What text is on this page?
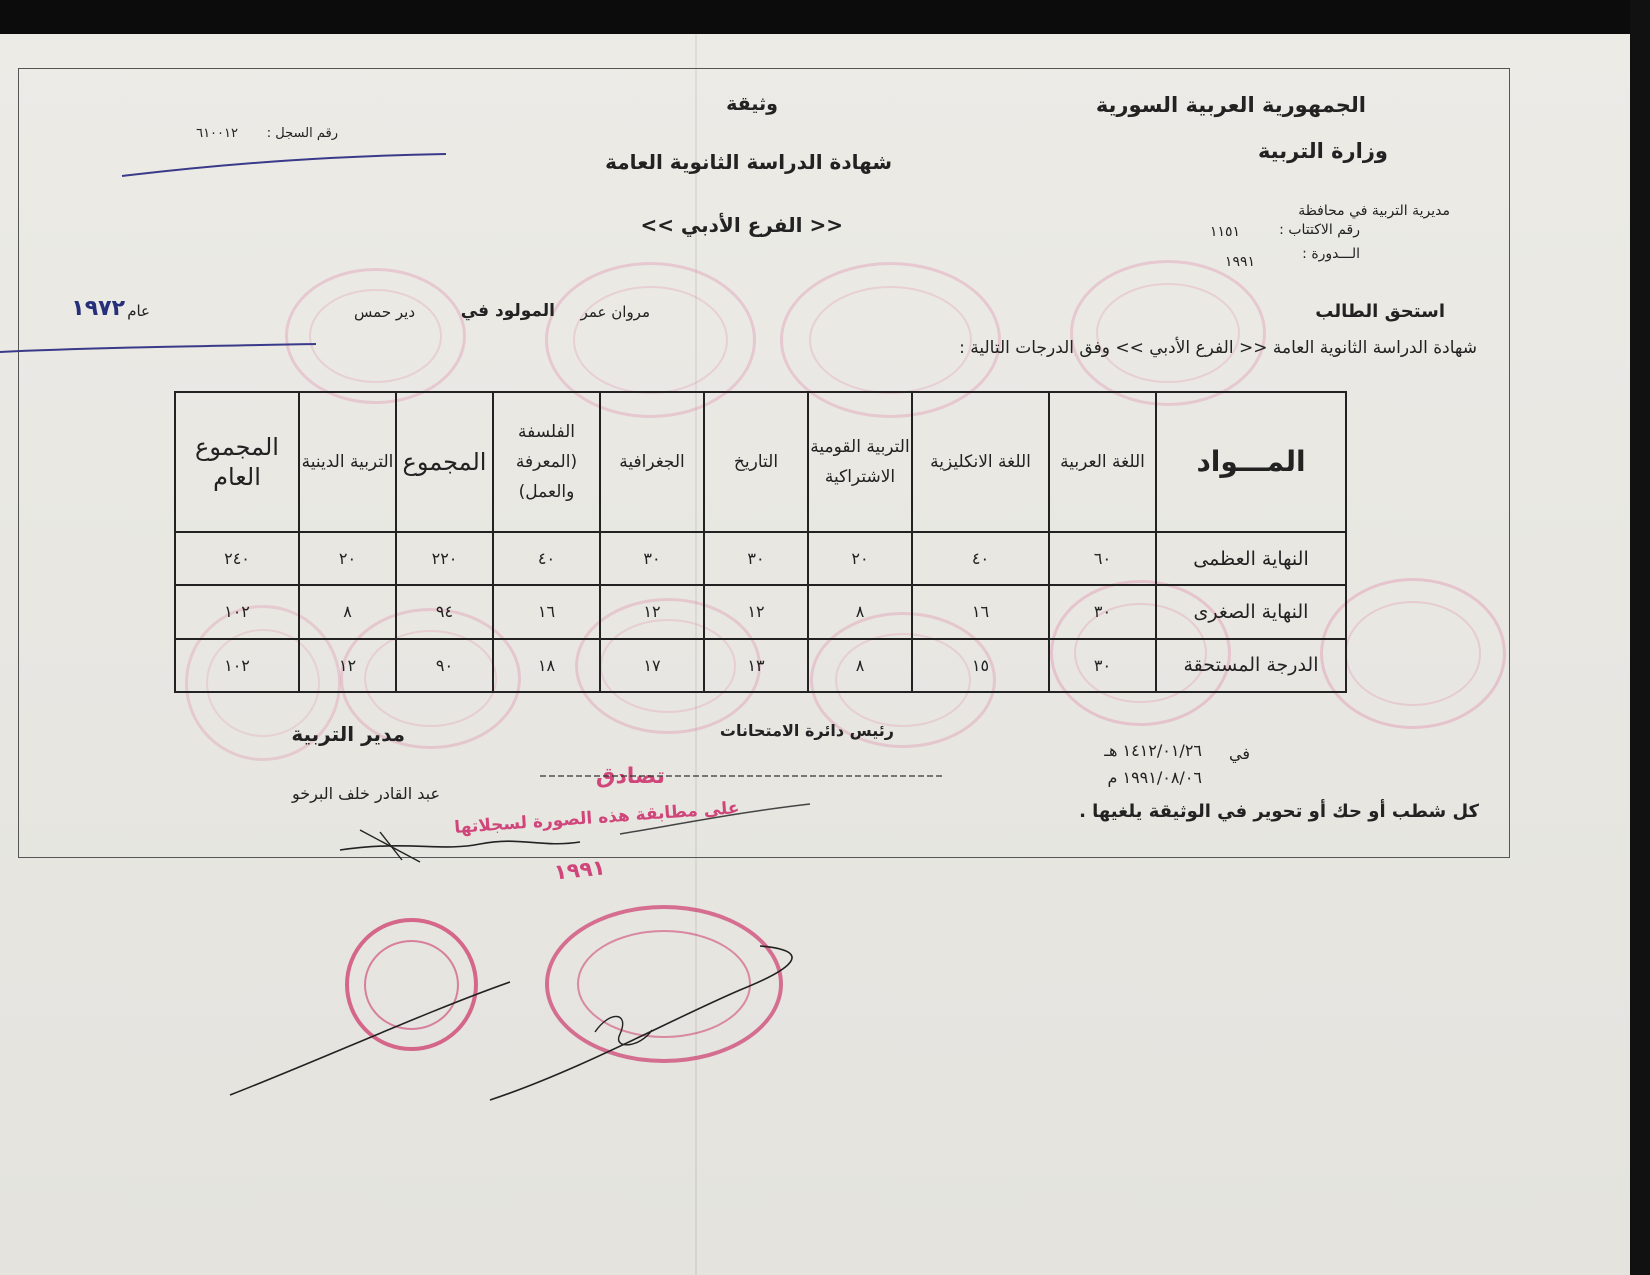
الجمهورية العربية السورية
وزارة التربية
مديرية التربية في محافظة
رقم الاكتتاب :
١١٥١
الـــدورة :
١٩٩١
وثيقة
شهادة الدراسة الثانوية العامة
<< الفرع الأدبي >>
رقم السجل :
٦١٠٠١٢
استحق الطالب
مروان عمر
المولود في
دير حمس
عام
١٩٧٢
شهادة الدراسة الثانوية العامة << الفرع الأدبي >> وفق الدرجات التالية :
المـــواد	اللغة العربية	اللغة الانكليزية	التربية القومية الاشتراكية	التاريخ	الجغرافية	الفلسفة (المعرفة والعمل)	المجموع	التربية الدينية	المجموع العام
النهاية العظمى	٦٠	٤٠	٢٠	٣٠	٣٠	٤٠	٢٢٠	٢٠	٢٤٠
النهاية الصغرى	٣٠	١٦	٨	١٢	١٢	١٦	٩٤	٨	١٠٢
الدرجة المستحقة	٣٠	١٥	٨	١٣	١٧	١٨	٩٠	١٢	١٠٢
في
١٤١٢/٠١/٢٦ هـ
١٩٩١/٠٨/٠٦ م
رئيس دائرة الامتحانات
مدير التربية
عبد القادر خلف البرخو
كل شطب أو حك أو تحوير في الوثيقة يلغيها .
تصادق
على مطابقة هذه الصورة لسجلاتها
١٩٩١
